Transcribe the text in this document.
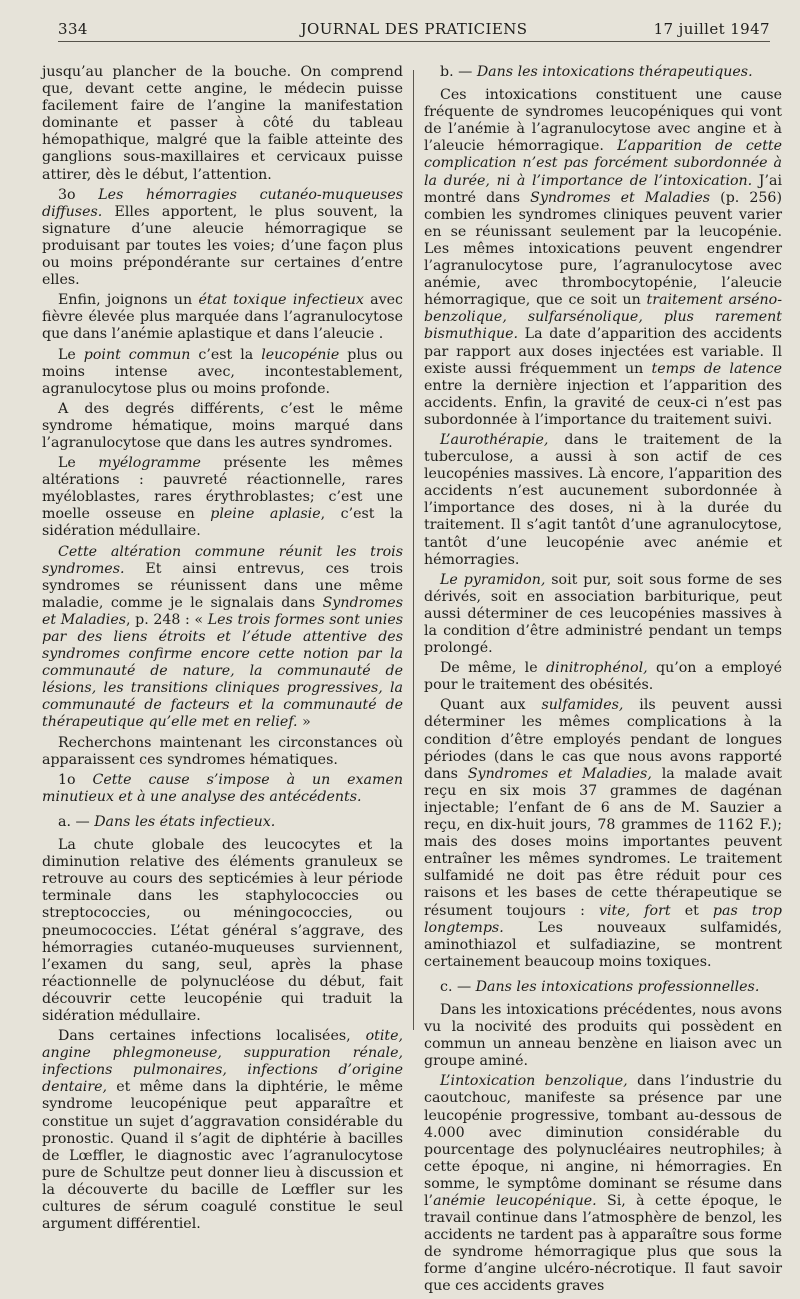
334	JOURNAL DES PRATICIENS	17 juillet 1947

jusqu’au plancher de la bouche. On comprend que, devant cette angine, le médecin puisse facilement faire de l’angine la manifestation dominante et passer à côté du tableau hémopathique, malgré que la faible atteinte des ganglions sous-maxillaires et cervicaux puisse attirer, dès le début, l’attention.

3o Les hémorragies cutanéo-muqueuses diffuses. Elles apportent, le plus souvent, la signature d’une aleucie hémorragique se produisant par toutes les voies; d’une façon plus ou moins prépondérante sur certaines d’entre elles.

Enfin, joignons un état toxique infectieux avec fièvre élevée plus marquée dans l’agranulocytose que dans l’anémie aplastique et dans l’aleucie .

Le point commun c’est la leucopénie plus ou moins intense avec, incontestablement, agranulocytose plus ou moins profonde.

A des degrés différents, c’est le même syndrome hématique, moins marqué dans l’agranulocytose que dans les autres syndromes.

Le myélogramme présente les mêmes altérations : pauvreté réactionnelle, rares myéloblastes, rares érythroblastes; c’est une moelle osseuse en pleine aplasie, c’est la sidération médullaire.

Cette altération commune réunit les trois syndromes. Et ainsi entrevus, ces trois syndromes se réunissent dans une même maladie, comme je le signalais dans Syndromes et Maladies, p. 248 : « Les trois formes sont unies par des liens étroits et l’étude attentive des syndromes confirme encore cette notion par la communauté de nature, la communauté de lésions, les transitions cliniques progressives, la communauté de facteurs et la communauté de thérapeutique qu’elle met en relief. »

Recherchons maintenant les circonstances où apparaissent ces syndromes hématiques.

1o Cette cause s’impose à un examen minutieux et à une analyse des antécédents.

a. — Dans les états infectieux.

La chute globale des leucocytes et la diminution relative des éléments granuleux se retrouve au cours des septicémies à leur période terminale dans les staphylococcies ou streptococcies, ou méningococcies, ou pneumococcies. L’état général s’aggrave, des hémorragies cutanéo-muqueuses surviennent, l’examen du sang, seul, après la phase réactionnelle de polynucléose du début, fait découvrir cette leucopénie qui traduit la sidération médullaire.

Dans certaines infections localisées, otite, angine phlegmoneuse, suppuration rénale, infections pulmonaires, infections d’origine dentaire, et même dans la diphtérie, le même syndrome leucopénique peut apparaître et constitue un sujet d’aggravation considérable du pronostic. Quand il s’agit de diphtérie à bacilles de Lœffler, le diagnostic avec l’agranulocytose pure de Schultze peut donner lieu à discussion et la découverte du bacille de Lœffler sur les cultures de sérum coagulé constitue le seul argument différentiel.

b. — Dans les intoxications thérapeutiques.

Ces intoxications constituent une cause fréquente de syndromes leucopéniques qui vont de l’anémie à l’agranulocytose avec angine et à l’aleucie hémorragique. L’apparition de cette complication n’est pas forcément subordonnée à la durée, ni à l’importance de l’intoxication. J’ai montré dans Syndromes et Maladies (p. 256) combien les syndromes cliniques peuvent varier en se réunissant seulement par la leucopénie. Les mêmes intoxications peuvent engendrer l’agranulocytose pure, l’agranulocytose avec anémie, avec thrombocytopénie, l’aleucie hémorragique, que ce soit un traitement arséno-benzolique, sulfarsénolique, plus rarement bismuthique. La date d’apparition des accidents par rapport aux doses injectées est variable. Il existe aussi fréquemment un temps de latence entre la dernière injection et l’apparition des accidents. Enfin, la gravité de ceux-ci n’est pas subordonnée à l’importance du traitement suivi.

L’aurothérapie, dans le traitement de la tuberculose, a aussi à son actif de ces leucopénies massives. Là encore, l’apparition des accidents n’est aucunement subordonnée à l’importance des doses, ni à la durée du traitement. Il s’agit tantôt d’une agranulocytose, tantôt d’une leucopénie avec anémie et hémorragies.

Le pyramidon, soit pur, soit sous forme de ses dérivés, soit en association barbiturique, peut aussi déterminer de ces leucopénies massives à la condition d’être administré pendant un temps prolongé.

De même, le dinitrophénol, qu’on a employé pour le traitement des obésités.

Quant aux sulfamides, ils peuvent aussi déterminer les mêmes complications à la condition d’être employés pendant de longues périodes (dans le cas que nous avons rapporté dans Syndromes et Maladies, la malade avait reçu en six mois 37 grammes de dagénan injectable; l’enfant de 6 ans de M. Sauzier a reçu, en dix-huit jours, 78 grammes de 1162 F.); mais des doses moins importantes peuvent entraîner les mêmes syndromes. Le traitement sulfamidé ne doit pas être réduit pour ces raisons et les bases de cette thérapeutique se résument toujours : vite, fort et pas trop longtemps. Les nouveaux sulfamidés, aminothiazol et sulfadiazine, se montrent certainement beaucoup moins toxiques.

c. — Dans les intoxications professionnelles.

Dans les intoxications précédentes, nous avons vu la nocivité des produits qui possèdent en commun un anneau benzène en liaison avec un groupe aminé.

L’intoxication benzolique, dans l’industrie du caoutchouc, manifeste sa présence par une leucopénie progressive, tombant au-dessous de 4.000 avec diminution considérable du pourcentage des polynucléaires neutrophiles; à cette époque, ni angine, ni hémorragies. En somme, le symptôme dominant se résume dans l’anémie leucopénique. Si, à cette époque, le travail continue dans l’atmosphère de benzol, les accidents ne tardent pas à apparaître sous forme de syndrome hémorragique plus que sous la forme d’angine ulcéro-nécrotique. Il faut savoir que ces accidents graves
